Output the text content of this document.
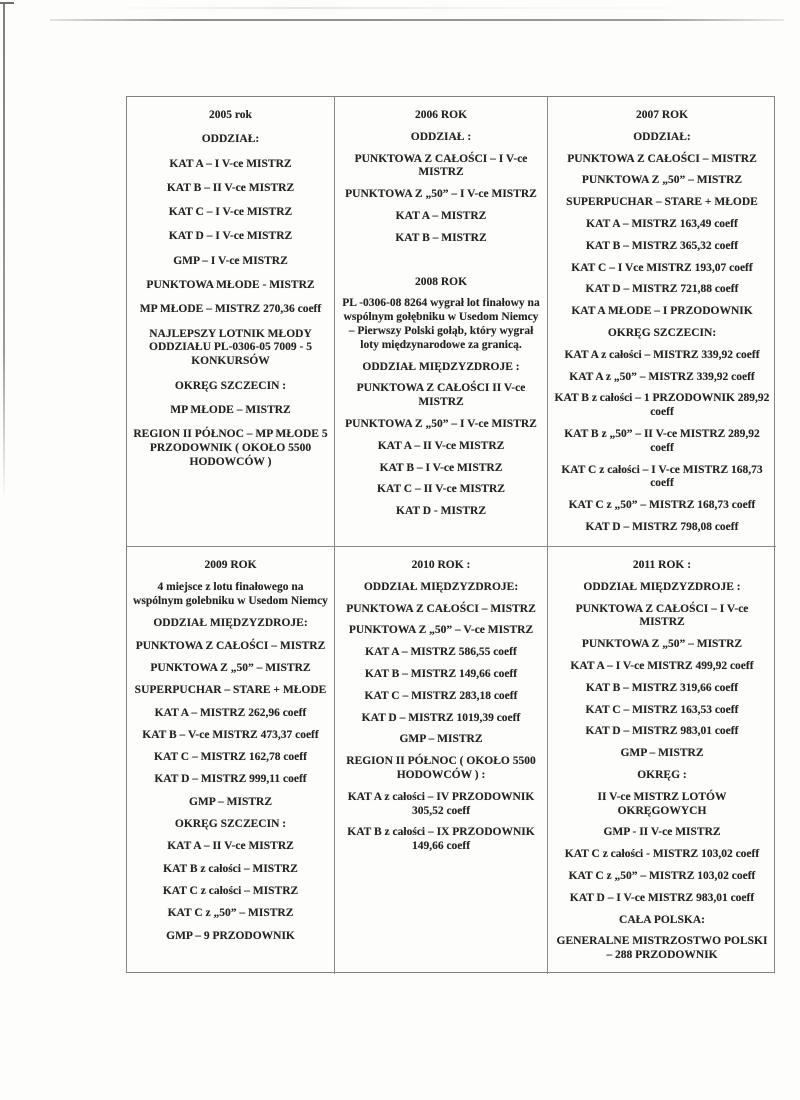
2005 rok

ODDZIAŁ:

KAT A – I V-ce MISTRZ

KAT B – II V-ce MISTRZ

KAT C – I V-ce MISTRZ

KAT D – I V-ce MISTRZ

GMP – I V-ce MISTRZ

PUNKTOWA MŁODE - MISTRZ

MP MŁODE – MISTRZ 270,36 coeff

NAJLEPSZY LOTNIK MŁODY ODDZIAŁU PL-0306-05 7009 - 5 KONKURSÓW

OKRĘG SZCZECIN :

MP MŁODE – MISTRZ

REGION II PÓŁNOC – MP MŁODE 5 PRZODOWNIK ( OKOŁO 5500 HODOWCÓW )

2006 ROK

ODDZIAŁ :

PUNKTOWA Z CAŁOŚCI – I V-ce MISTRZ

PUNKTOWA Z „50” – I V-ce MISTRZ

KAT A – MISTRZ

KAT B – MISTRZ

2008 ROK

PL -0306-08 8264 wygrał lot finałowy na wspólnym gołębniku w Usedom Niemcy – Pierwszy Polski gołąb, który wygrał loty międzynarodowe za granicą.

ODDZIAŁ MIĘDZYZDROJE :

PUNKTOWA Z CAŁOŚCI II V-ce MISTRZ

PUNKTOWA Z „50” – I V-ce MISTRZ

KAT A – II V-ce MISTRZ

KAT B – I V-ce MISTRZ

KAT C – II V-ce MISTRZ

KAT D - MISTRZ

2007 ROK

ODDZIAŁ:

PUNKTOWA Z CAŁOŚCI – MISTRZ

PUNKTOWA Z „50” – MISTRZ

SUPERPUCHAR – STARE + MŁODE

KAT A – MISTRZ 163,49 coeff

KAT B – MISTRZ 365,32 coeff

KAT C – I Vce MISTRZ 193,07 coeff

KAT D – MISTRZ 721,88 coeff

KAT A MŁODE – I PRZODOWNIK

OKRĘG SZCZECIN:

KAT A z całości – MISTRZ 339,92 coeff

KAT A z „50” – MISTRZ 339,92 coeff

KAT B z całości – 1 PRZODOWNIK 289,92 coeff

KAT B z „50” – II V-ce MISTRZ 289,92 coeff

KAT C z całości – I V-ce MISTRZ 168,73 coeff

KAT C z „50” – MISTRZ 168,73 coeff

KAT D – MISTRZ 798,08 coeff

2009 ROK

4 miejsce z lotu finałowego na wspólnym golebniku w Usedom Niemcy

ODDZIAŁ MIĘDZYZDROJE:

PUNKTOWA Z CAŁOŚCI – MISTRZ

PUNKTOWA Z „50” – MISTRZ

SUPERPUCHAR – STARE + MŁODE

KAT A – MISTRZ 262,96 coeff

KAT B – V-ce MISTRZ 473,37 coeff

KAT C – MISTRZ 162,78 coeff

KAT D – MISTRZ 999,11 coeff

GMP – MISTRZ

OKRĘG SZCZECIN :

KAT A – II V-ce MISTRZ

KAT B z całości – MISTRZ

KAT C z całości – MISTRZ

KAT C z „50” – MISTRZ

GMP – 9 PRZODOWNIK

2010 ROK :

ODDZIAŁ MIĘDZYZDROJE:

PUNKTOWA Z CAŁOŚCI – MISTRZ

PUNKTOWA Z „50” – V-ce MISTRZ

KAT A – MISTRZ 586,55 coeff

KAT B – MISTRZ 149,66 coeff

KAT C – MISTRZ 283,18 coeff

KAT D – MISTRZ 1019,39 coeff

GMP – MISTRZ

REGION II PÓŁNOC ( OKOŁO 5500 HODOWCÓW ) :

KAT A z całości – IV PRZODOWNIK 305,52 coeff

KAT B z całości – IX PRZODOWNIK 149,66 coeff

2011 ROK :

ODDZIAŁ MIĘDZYZDROJE :

PUNKTOWA Z CAŁOŚCI – I V-ce MISTRZ

PUNKTOWA Z „50” – MISTRZ

KAT A – I V-ce MISTRZ 499,92 coeff

KAT B – MISTRZ 319,66 coeff

KAT C – MISTRZ 163,53 coeff

KAT D – MISTRZ 983,01 coeff

GMP – MISTRZ

OKRĘG :

II V-ce MISTRZ LOTÓW OKRĘGOWYCH

GMP - II V-ce MISTRZ

KAT C z całości - MISTRZ 103,02 coeff

KAT C z „50” – MISTRZ 103,02 coeff

KAT D – I V-ce MISTRZ 983,01 coeff

CAŁA POLSKA:

GENERALNE MISTRZOSTWO POLSKI – 288 PRZODOWNIK
